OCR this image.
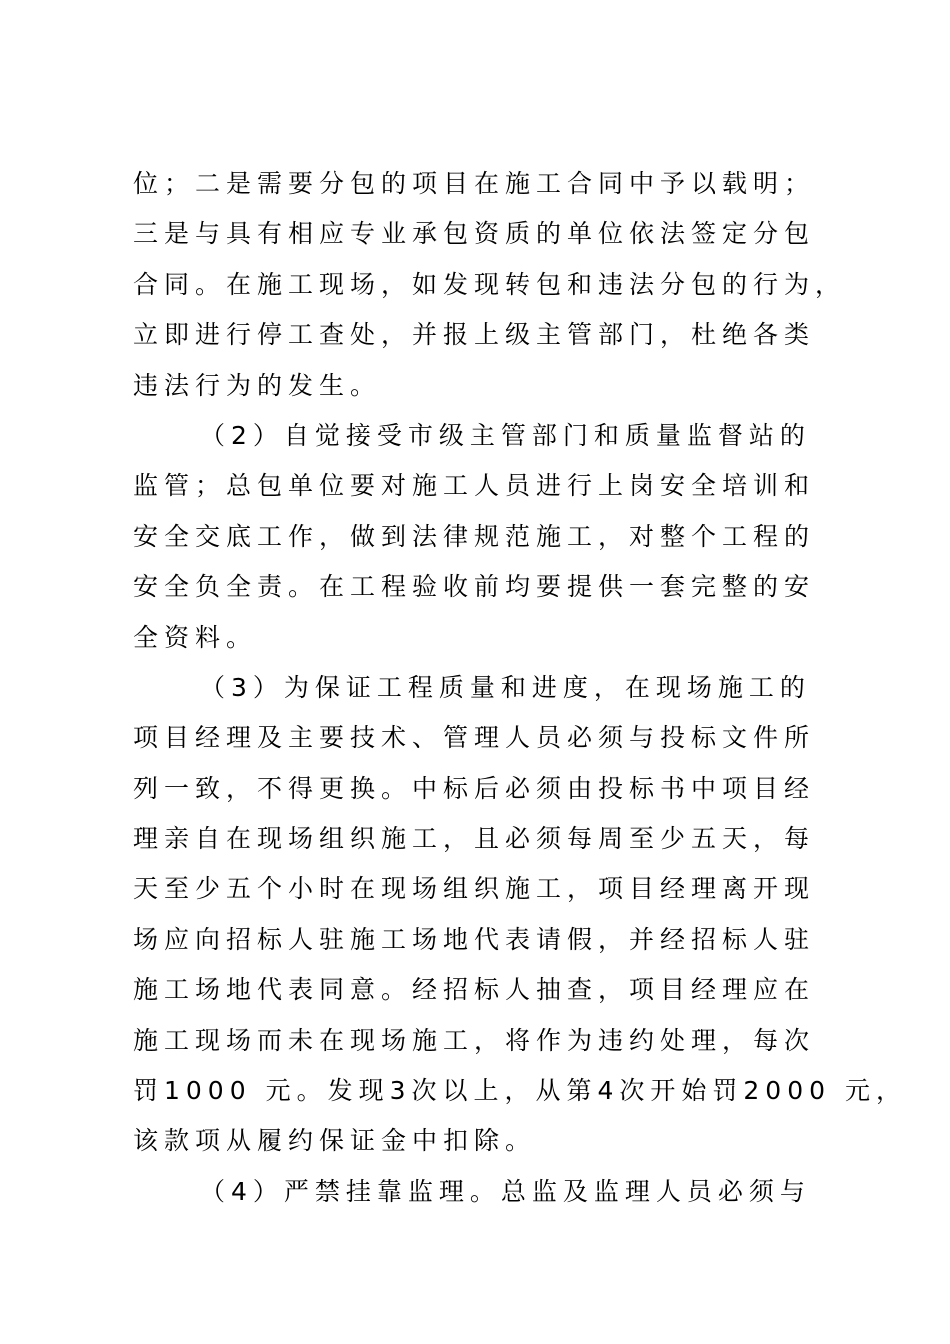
位；二是需要分包的项目在施工合同中予以载明；
三是与具有相应专业承包资质的单位依法签定分包
合同。在施工现场，如发现转包和违法分包的行为，
立即进行停工查处，并报上级主管部门，杜绝各类
违法行为的发生。
（2）自觉接受市级主管部门和质量监督站的
监管；总包单位要对施工人员进行上岗安全培训和
安全交底工作，做到法律规范施工，对整个工程的
安全负全责。在工程验收前均要提供一套完整的安
全资料。
（3）为保证工程质量和进度，在现场施工的
项目经理及主要技术、管理人员必须与投标文件所
列一致，不得更换。中标后必须由投标书中项目经
理亲自在现场组织施工，且必须每周至少五天，每
天至少五个小时在现场组织施工，项目经理离开现
场应向招标人驻施工场地代表请假，并经招标人驻
施工场地代表同意。经招标人抽查，项目经理应在
施工现场而未在现场施工，将作为违约处理，每次
罚1000 元。发现3次以上，从第4次开始罚2000 元，
该款项从履约保证金中扣除。
（4）严禁挂靠监理。总监及监理人员必须与
